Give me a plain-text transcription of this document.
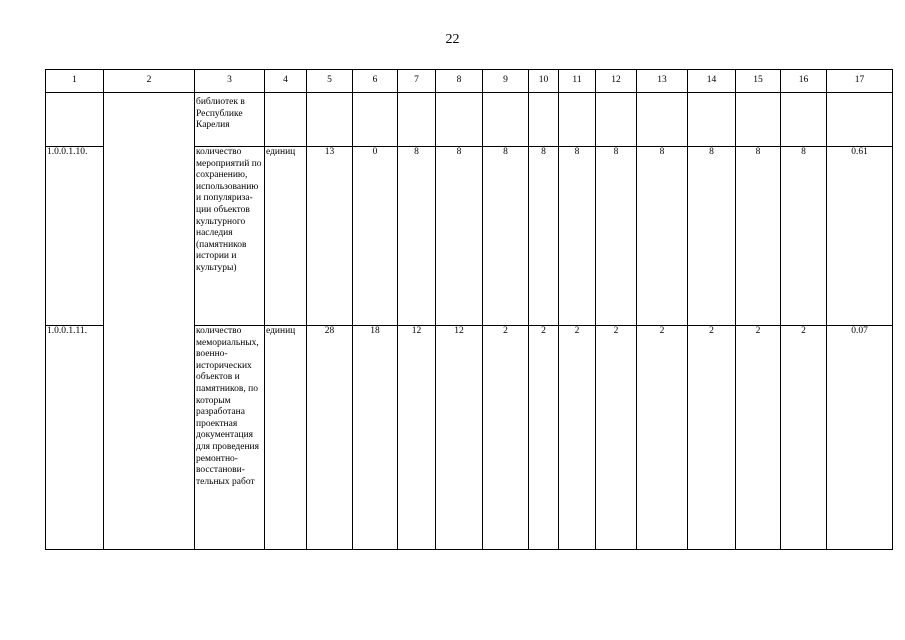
22
1	2	3	4	5	6	7	8	9	10	11	12	13	14	15	16	17
		библиотек в Республике Карелия														
1.0.0.1.10.		количество мероприятий по сохранению, использованию и популяризации объектов культурного наследия (памятников истории и культуры)	единиц	13	0	8	8	8	8	8	8	8	8	8	8	0.61
1.0.0.1.11.		количество мемориальных, военно-исторических объектов и памятников, по которым разработана проектная документация для проведения ремонтно-восстановительных работ	единиц	28	18	12	12	2	2	2	2	2	2	2	2	0.07
